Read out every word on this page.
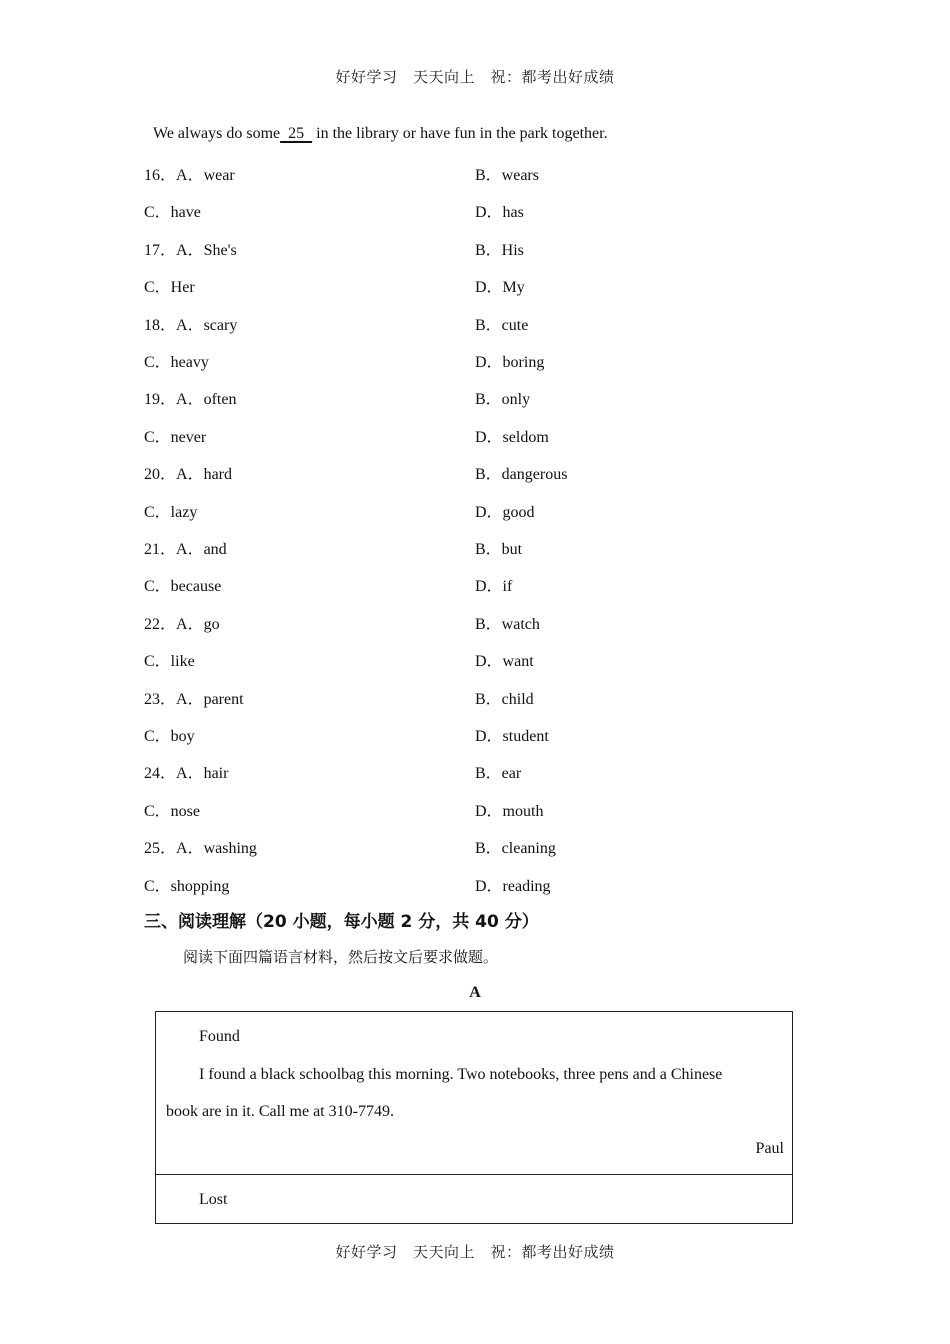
好好学习　天天向上　祝：都考出好成绩
We always do some  25   in the library or have fun in the park together.
16．A．wear	B．wears
C．have	D．has
17．A．She's	B．His
C．Her	D．My
18．A．scary	B．cute
C．heavy	D．boring
19．A．often	B．only
C．never	D．seldom
20．A．hard	B．dangerous
C．lazy	D．good
21．A．and	B．but
C．because	D．if
22．A．go	B．watch
C．like	D．want
23．A．parent	B．child
C．boy	D．student
24．A．hair	B．ear
C．nose	D．mouth
25．A．washing	B．cleaning
C．shopping	D．reading
三、阅读理解（20 小题，每小题 2 分，共 40 分）
阅读下面四篇语言材料，然后按文后要求做题。
A
Found
I found a black schoolbag this morning. Two notebooks, three pens and a Chinese
book are in it. Call me at 310-7749.
Paul
Lost
好好学习　天天向上　祝：都考出好成绩
